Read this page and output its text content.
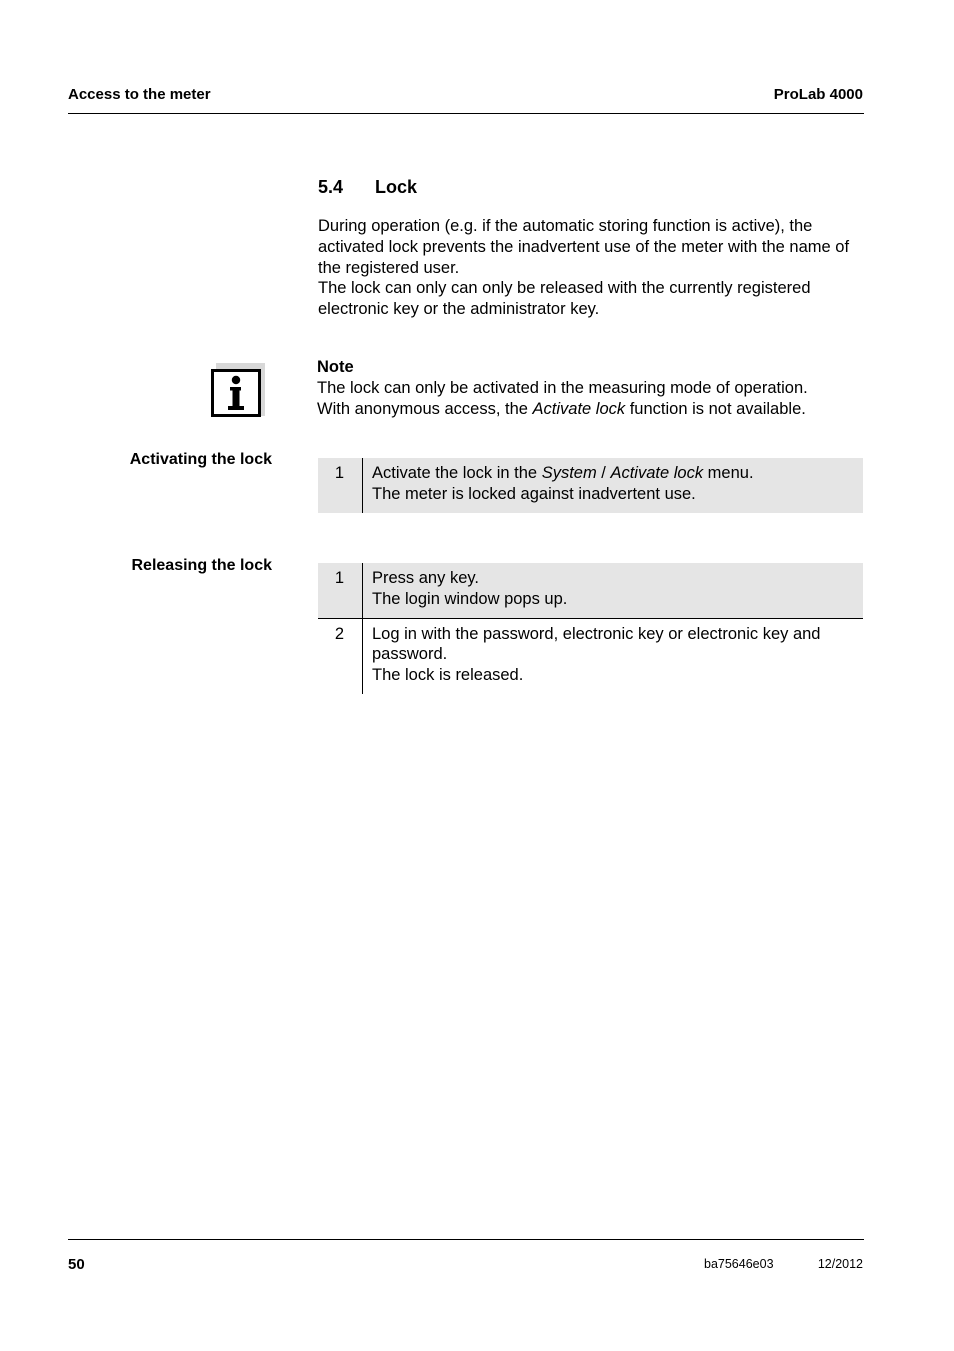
Access to the meter	ProLab 4000
5.4 Lock
During operation (e.g. if the automatic storing function is active), the activated lock prevents the inadvertent use of the meter with the name of the registered user.
The lock can only can only be released with the currently registered electronic key or the administrator key.
Note
The lock can only be activated in the measuring mode of operation.
With anonymous access, the Activate lock function is not available.
Activating the lock
1	Activate the lock in the System / Activate lock menu.
The meter is locked against inadvertent use.
Releasing the lock
1	Press any key.
The login window pops up.

2	Log in with the password, electronic key or electronic key and password.
The lock is released.
50	ba75646e03	12/2012
